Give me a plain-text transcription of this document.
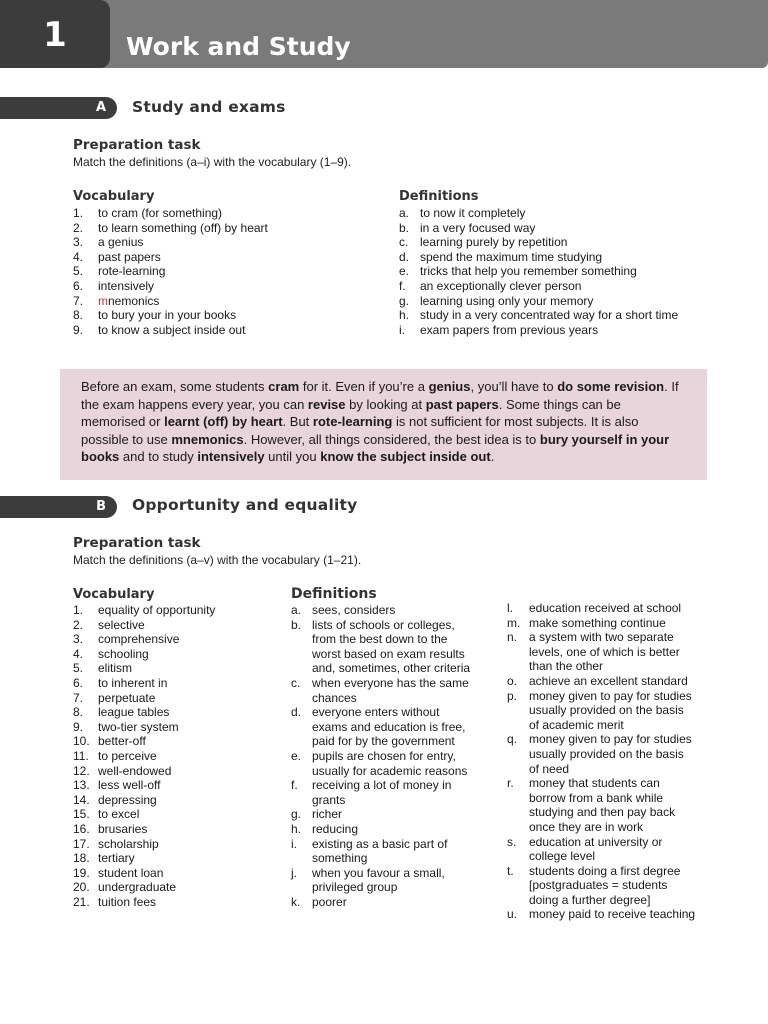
1	Work and Study
A	Study and exams
Preparation task
Match the definitions (a–i) with the vocabulary (1–9).
Vocabulary
1.	to cram (for something)
2.	to learn something (off) by heart
3.	a genius
4.	past papers
5.	rote-learning
6.	intensively
7.	mnemonics
8.	to bury your in your books
9.	to know a subject inside out
Definitions
a. to now it completely
b. in a very focused way
c. learning purely by repetition
d. spend the maximum time studying
e. tricks that help you remember something
f.	an exceptionally clever person
g. learning using only your memory
h. study in a very concentrated way for a short time
i.	exam papers from previous years
Before an exam, some students cram for it. Even if you’re a genius, you’ll have to do some revision. If the exam happens every year, you can revise by looking at past papers. Some things can be memorised or learnt (off) by heart. But rote-learning is not sufficient for most subjects. It is also possible to use mnemonics. However, all things considered, the best idea is to bury yourself in your books and to study intensively until you know the subject inside out.
B	Opportunity and equality
Preparation task
Match the definitions (a–v) with the vocabulary (1–21).
Vocabulary
1.	equality of opportunity
2.	selective
3.	comprehensive
4.	schooling
5.	elitism
6.	to inherent in
7.	perpetuate
8.	league tables
9.	two-tier system
10. better-off
11. to perceive
12. well-endowed
13. less well-off
14. depressing
15. to excel
16. brusaries
17. scholarship
18. tertiary
19. student loan
20. undergraduate
21. tuition fees
Definitions
a. sees, considers
b. lists of schools or colleges, from the best down to the worst based on exam results and, sometimes, other criteria
c. when everyone has the same chances
d. everyone enters without exams and education is free, paid for by the government
e. pupils are chosen for entry, usually for academic reasons
f.	receiving a lot of money in grants
g. richer
h. reducing
i.	existing as a basic part of something
j.	when you favour a small, privileged group
k. poorer
l.	education received at school
m. make something continue
n. a system with two separate levels, one of which is better than the other
o. achieve an excellent standard
p. money given to pay for studies usually provided on the basis of academic merit
q. money given to pay for studies usually provided on the basis of need
r.	money that students can borrow from a bank while studying and then pay back once they are in work
s.	education at university or college level
t.	students doing a first degree [postgraduates = students doing a further degree]
u. money paid to receive teaching
